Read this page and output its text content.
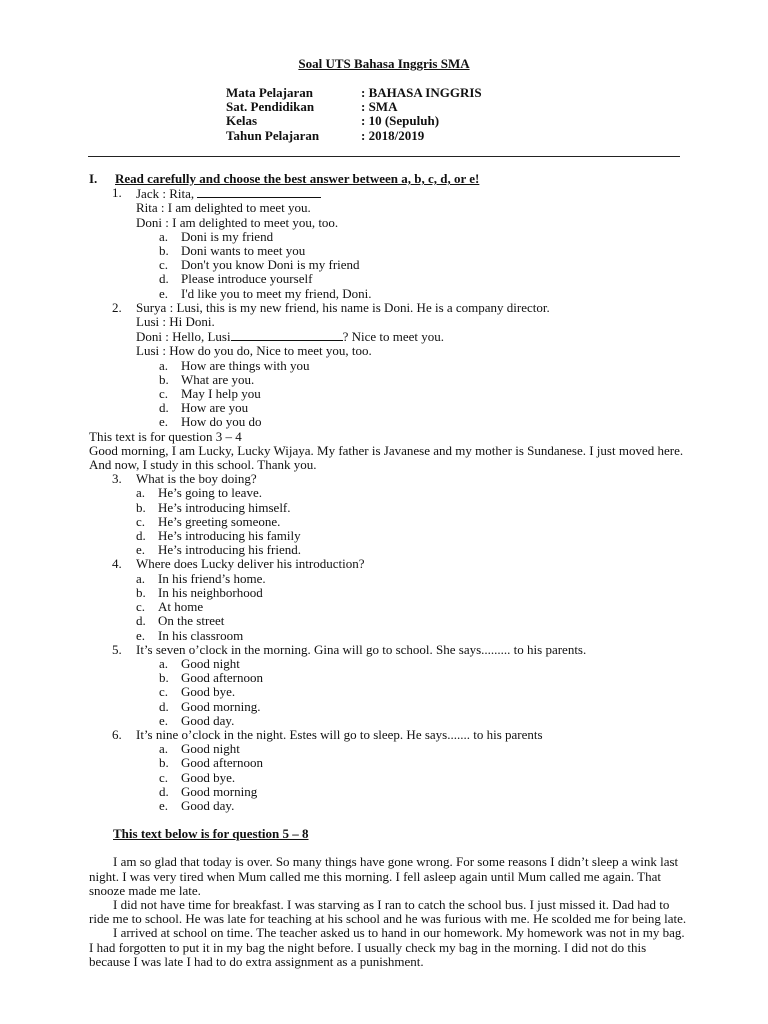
Soal UTS Bahasa Inggris SMA
Mata Pelajaran	: BAHASA INGGRIS
Sat. Pendidikan	: SMA
Kelas	: 10 (Sepuluh)
Tahun Pelajaran	: 2018/2019
I.	Read carefully and choose the best answer between a, b, c, d, or e!
1.	Jack : Rita,
Rita : I am delighted to meet you.
Doni : I am delighted to meet you, too.
a. Doni is my friend
b. Doni wants to meet you
c. Don't you know Doni is my friend
d. Please introduce yourself
e. I'd like you to meet my friend, Doni.
2.	Surya : Lusi, this is my new friend, his name is Doni. He is a company director.
Lusi : Hi Doni.
Doni : Hello, Lusi	? Nice to meet you.
Lusi : How do you do, Nice to meet you, too.
a. How are things with you
b. What are you.
c. May I help you
d. How are you
e. How do you do
This text is for question 3 – 4
Good morning, I am Lucky, Lucky Wijaya. My father is Javanese and my mother is Sundanese. I just moved here. And now, I study in this school. Thank you.
3.	What is the boy doing?
a. He’s going to leave.
b. He’s introducing himself.
c. He’s greeting someone.
d. He’s introducing his family
e. He’s introducing his friend.
4.	Where does Lucky deliver his introduction?
a. In his friend’s home.
b. In his neighborhood
c. At home
d. On the street
e. In his classroom
5.	It’s seven o’clock in the morning. Gina will go to school. She says......... to his parents.
a. Good night
b. Good afternoon
c. Good bye.
d. Good morning.
e. Good day.
6.	It’s nine o’clock in the night. Estes will go to sleep. He says....... to his parents
a. Good night
b. Good afternoon
c. Good bye.
d. Good morning
e. Good day.
This text below is for question 5 – 8
I am so glad that today is over. So many things have gone wrong. For some reasons I didn’t sleep a wink last night. I was very tired when Mum called me this morning. I fell asleep again until Mum called me again. That snooze made me late.
I did not have time for breakfast. I was starving as I ran to catch the school bus. I just missed it. Dad had to ride me to school. He was late for teaching at his school and he was furious with me. He scolded me for being late.
I arrived at school on time. The teacher asked us to hand in our homework. My homework was not in my bag. I had forgotten to put it in my bag the night before. I usually check my bag in the morning. I did not do this because I was late I had to do extra assignment as a punishment.
